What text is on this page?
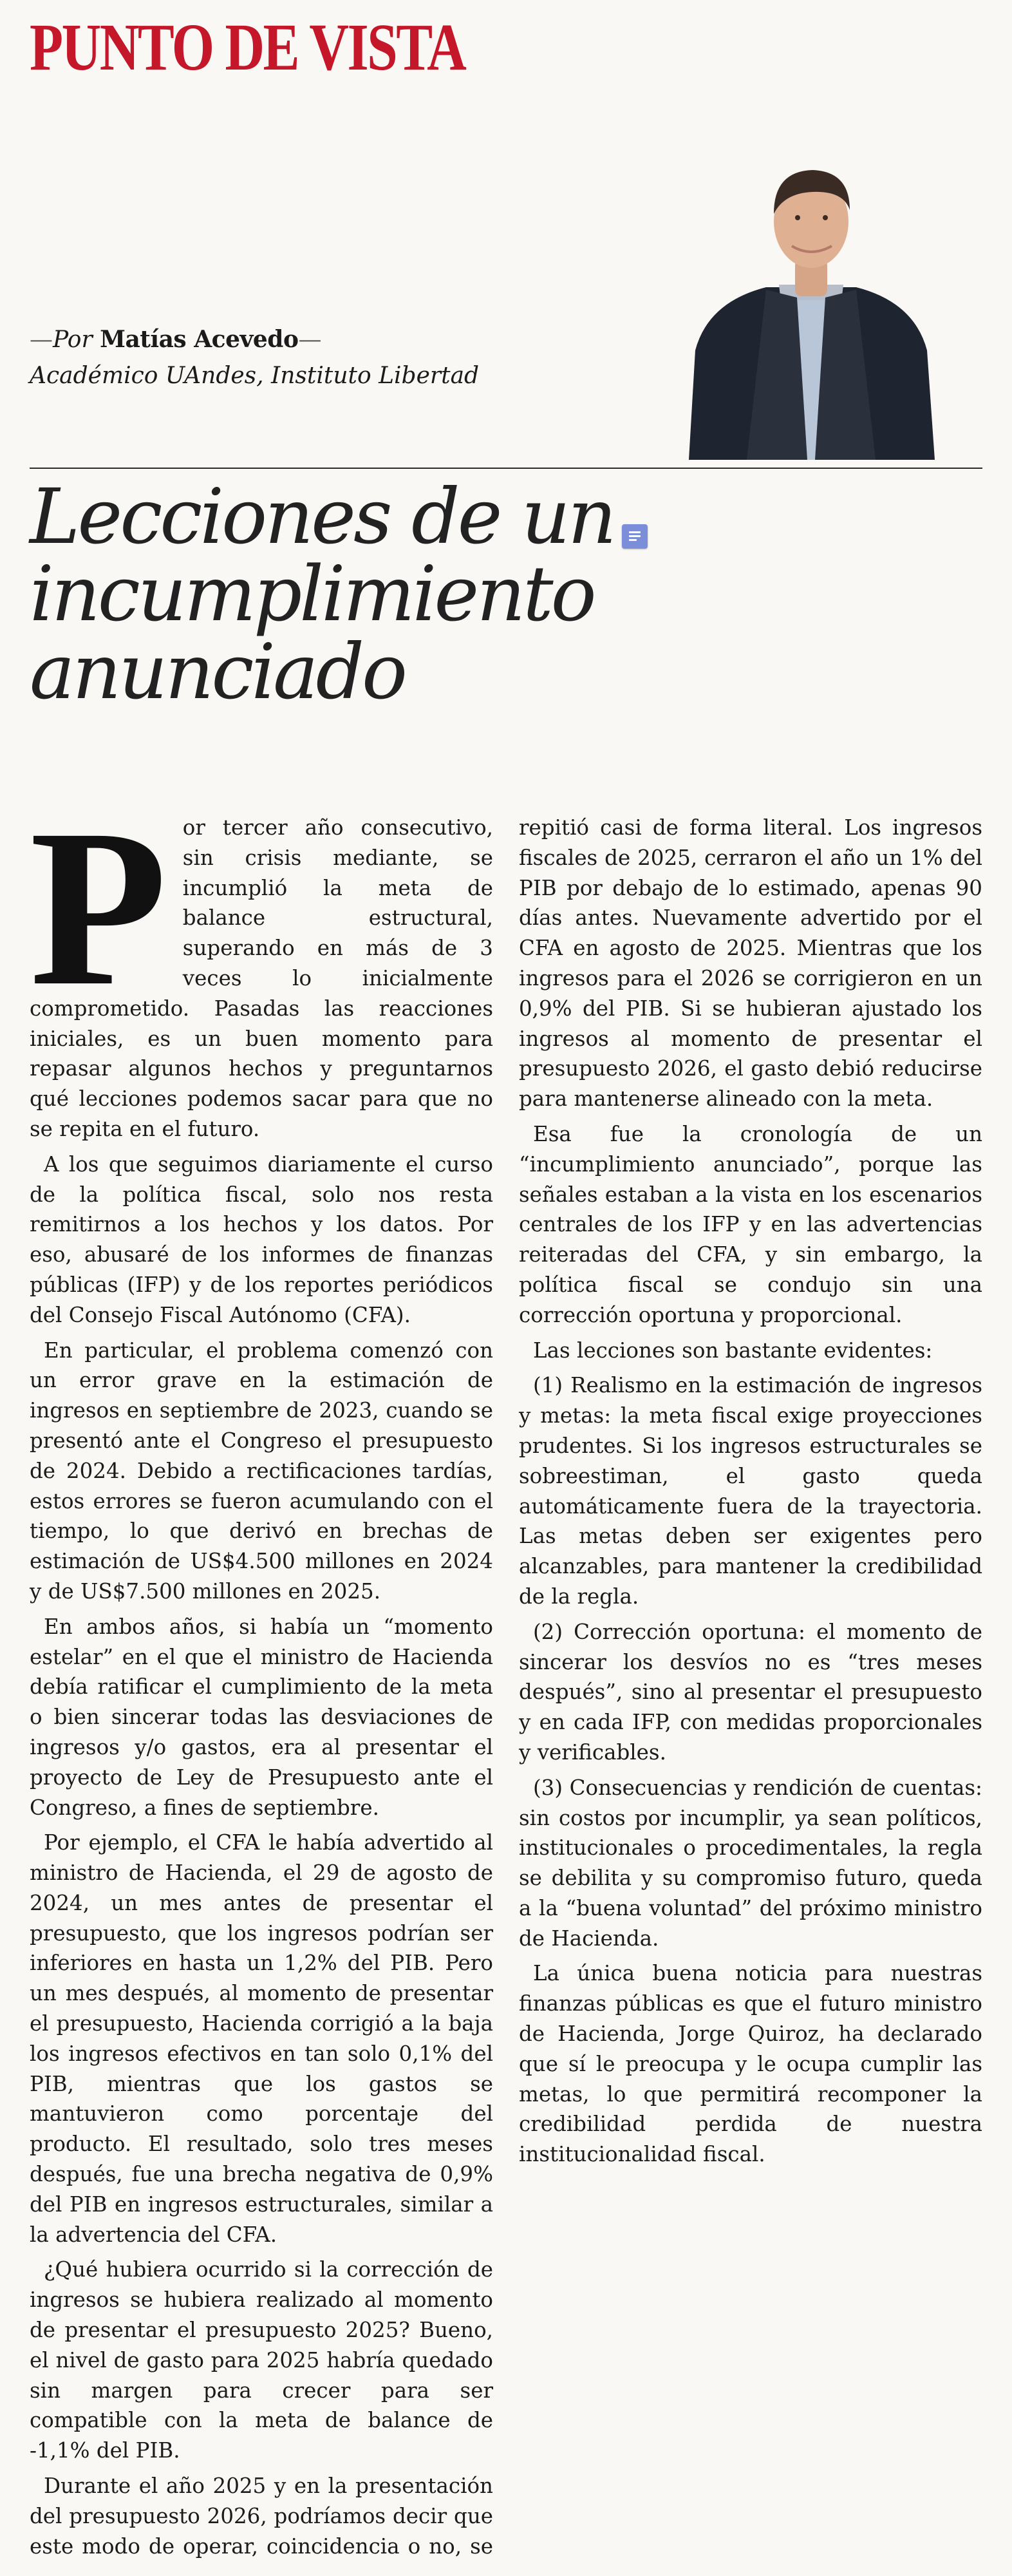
PUNTO DE VISTA
—Por Matías Acevedo—
Académico UAndes, Instituto Libertad
Lecciones de un incumplimiento anunciado

Por tercer año consecutivo, sin crisis mediante, se incumplió la meta de balance estructural, superando en más de 3 veces lo inicialmente comprometido. Pasadas las reacciones iniciales, es un buen momento para repasar algunos hechos y preguntarnos qué lecciones podemos sacar para que no se repita en el futuro.

A los que seguimos diariamente el curso de la política fiscal, solo nos resta remitirnos a los hechos y los datos. Por eso, abusaré de los informes de finanzas públicas (IFP) y de los reportes periódicos del Consejo Fiscal Autónomo (CFA).

En particular, el problema comenzó con un error grave en la estimación de ingresos en septiembre de 2023, cuando se presentó ante el Congreso el presupuesto de 2024. Debido a rectificaciones tardías, estos errores se fueron acumulando con el tiempo, lo que derivó en brechas de estimación de US$4.500 millones en 2024 y de US$7.500 millones en 2025.

En ambos años, si había un “momento estelar” en el que el ministro de Hacienda debía ratificar el cumplimiento de la meta o bien sincerar todas las desviaciones de ingresos y/o gastos, era al presentar el proyecto de Ley de Presupuesto ante el Congreso, a fines de septiembre.

Por ejemplo, el CFA le había advertido al ministro de Hacienda, el 29 de agosto de 2024, un mes antes de presentar el presupuesto, que los ingresos podrían ser inferiores en hasta un 1,2% del PIB. Pero un mes después, al momento de presentar el presupuesto, Hacienda corrigió a la baja los ingresos efectivos en tan solo 0,1% del PIB, mientras que los gastos se mantuvieron como porcentaje del producto. El resultado, solo tres meses después, fue una brecha negativa de 0,9% del PIB en ingresos estructurales, similar a la advertencia del CFA.

¿Qué hubiera ocurrido si la corrección de ingresos se hubiera realizado al momento de presentar el presupuesto 2025? Bueno, el nivel de gasto para 2025 habría quedado sin margen para crecer para ser compatible con la meta de balance de -1,1% del PIB.

Durante el año 2025 y en la presentación del presupuesto 2026, podríamos decir que este modo de operar, coincidencia o no, se repitió casi de forma literal. Los ingresos fiscales de 2025, cerraron el año un 1% del PIB por debajo de lo estimado, apenas 90 días antes. Nuevamente advertido por el CFA en agosto de 2025. Mientras que los ingresos para el 2026 se corrigieron en un 0,9% del PIB. Si se hubieran ajustado los ingresos al momento de presentar el presupuesto 2026, el gasto debió reducirse para mantenerse alineado con la meta.

Esa fue la cronología de un “incumplimiento anunciado”, porque las señales estaban a la vista en los escenarios centrales de los IFP y en las advertencias reiteradas del CFA, y sin embargo, la política fiscal se condujo sin una corrección oportuna y proporcional.

Las lecciones son bastante evidentes:

(1) Realismo en la estimación de ingresos y metas: la meta fiscal exige proyecciones prudentes. Si los ingresos estructurales se sobreestiman, el gasto queda automáticamente fuera de la trayectoria. Las metas deben ser exigentes pero alcanzables, para mantener la credibilidad de la regla.

(2) Corrección oportuna: el momento de sincerar los desvíos no es “tres meses después”, sino al presentar el presupuesto y en cada IFP, con medidas proporcionales y verificables.

(3) Consecuencias y rendición de cuentas: sin costos por incumplir, ya sean políticos, institucionales o procedimentales, la regla se debilita y su compromiso futuro, queda a la “buena voluntad” del próximo ministro de Hacienda.

La única buena noticia para nuestras finanzas públicas es que el futuro ministro de Hacienda, Jorge Quiroz, ha declarado que sí le preocupa y le ocupa cumplir las metas, lo que permitirá recomponer la credibilidad perdida de nuestra institucionalidad fiscal.
